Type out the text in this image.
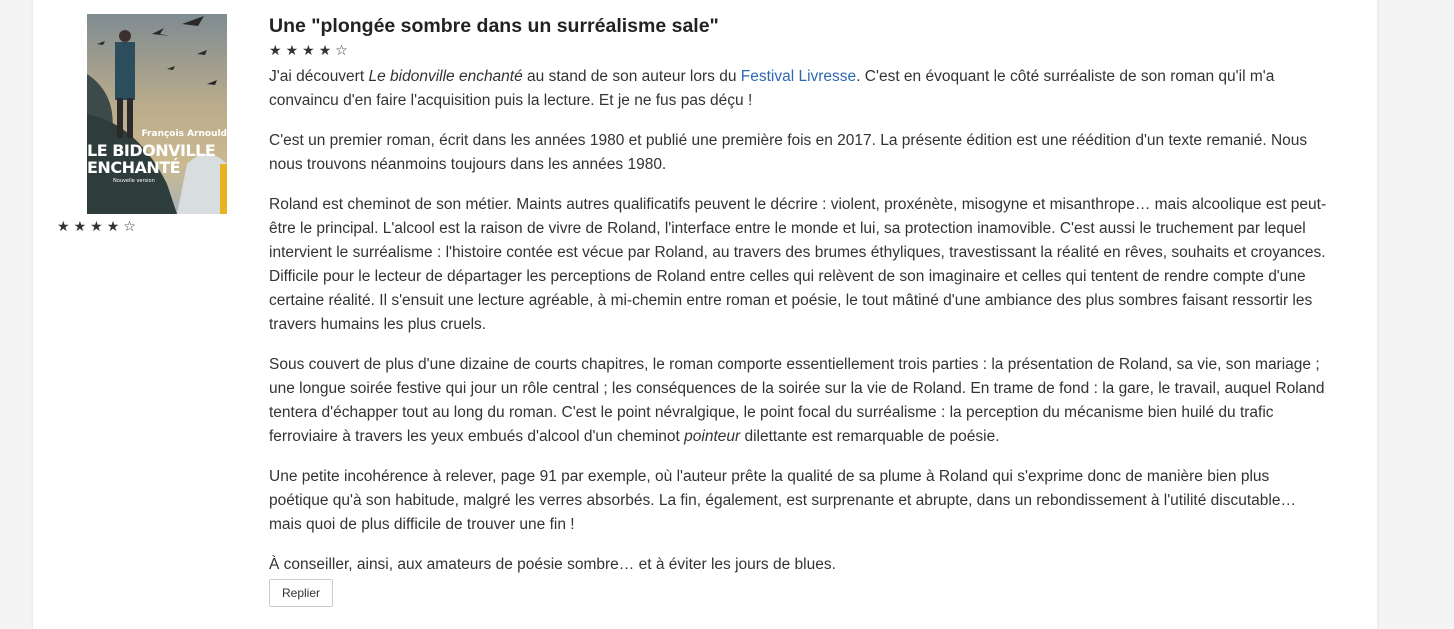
François Arnould
LE BIDONVILLE
ENCHANTÉ
Nouvelle version
★★★★☆
Une "plongée sombre dans un surréalisme sale"
★★★★☆

J'ai découvert Le bidonville enchanté au stand de son auteur lors du Festival Livresse. C'est en évoquant le côté surréaliste de son roman qu'il m'a convaincu d'en faire l'acquisition puis la lecture. Et je ne fus pas déçu !

C'est un premier roman, écrit dans les années 1980 et publié une première fois en 2017. La présente édition est une réédition d'un texte remanié. Nous nous trouvons néanmoins toujours dans les années 1980.

Roland est cheminot de son métier. Maints autres qualificatifs peuvent le décrire : violent, proxénète, misogyne et misanthrope… mais alcoolique est peut-être le principal. L'alcool est la raison de vivre de Roland, l'interface entre le monde et lui, sa protection inamovible. C'est aussi le truchement par lequel intervient le surréalisme : l'histoire contée est vécue par Roland, au travers des brumes éthyliques, travestissant la réalité en rêves, souhaits et croyances. Difficile pour le lecteur de départager les perceptions de Roland entre celles qui relèvent de son imaginaire et celles qui tentent de rendre compte d'une certaine réalité. Il s'ensuit une lecture agréable, à mi-chemin entre roman et poésie, le tout mâtiné d'une ambiance des plus sombres faisant ressortir les travers humains les plus cruels.

Sous couvert de plus d'une dizaine de courts chapitres, le roman comporte essentiellement trois parties : la présentation de Roland, sa vie, son mariage ; une longue soirée festive qui jour un rôle central ; les conséquences de la soirée sur la vie de Roland. En trame de fond : la gare, le travail, auquel Roland tentera d'échapper tout au long du roman. C'est le point névralgique, le point focal du surréalisme : la perception du mécanisme bien huilé du trafic ferroviaire à travers les yeux embués d'alcool d'un cheminot pointeur dilettante est remarquable de poésie.

Une petite incohérence à relever, page 91 par exemple, où l'auteur prête la qualité de sa plume à Roland qui s'exprime donc de manière bien plus poétique qu'à son habitude, malgré les verres absorbés. La fin, également, est surprenante et abrupte, dans un rebondissement à l'utilité discutable… mais quoi de plus difficile de trouver une fin !

À conseiller, ainsi, aux amateurs de poésie sombre… et à éviter les jours de blues.

Replier
